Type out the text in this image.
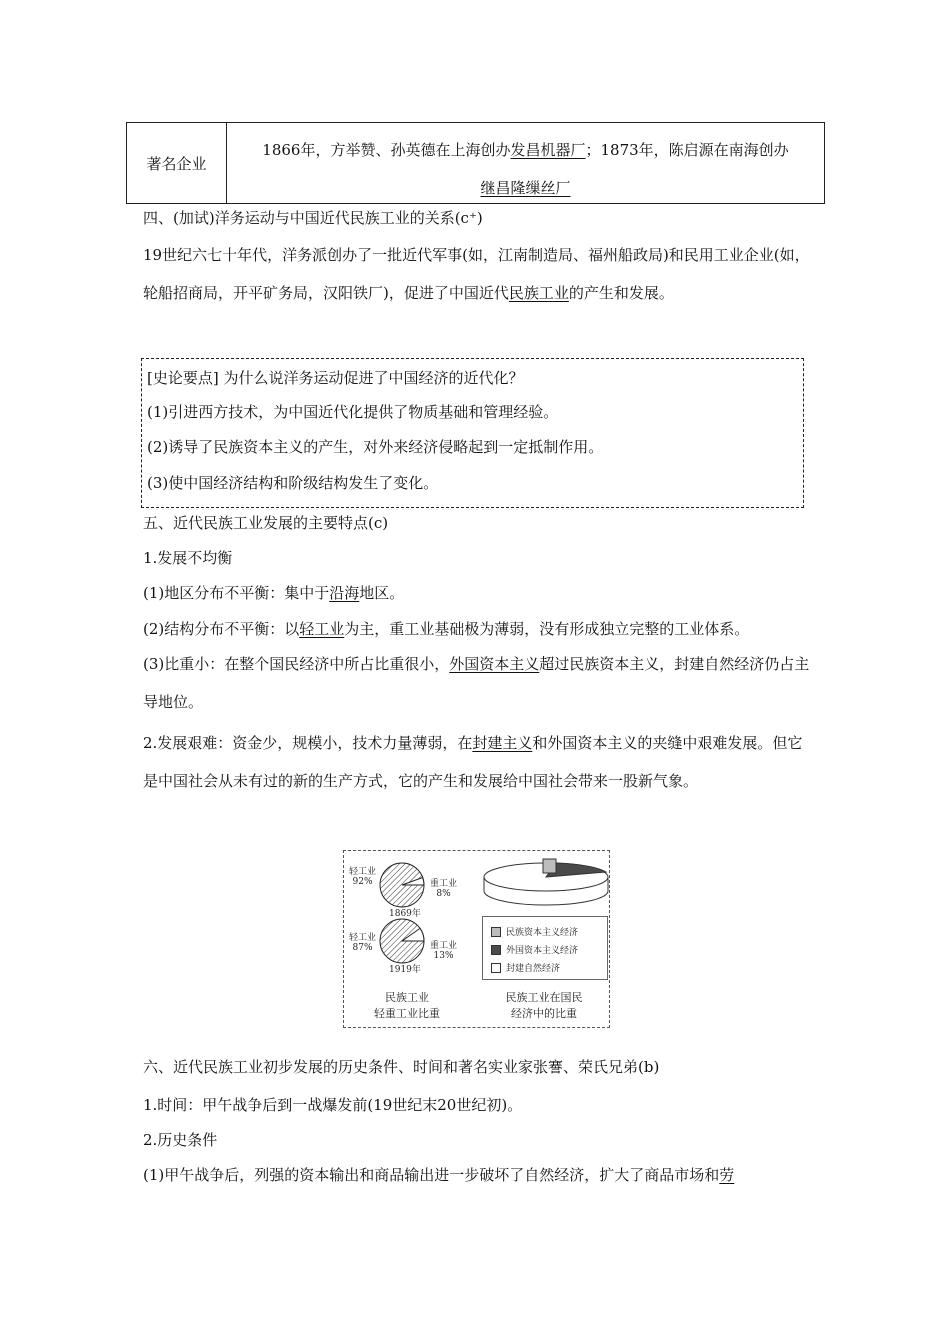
著名企业
1866年，方举赞、孙英德在上海创办发昌机器厂；1873年，陈启源在南海创办
继昌隆缫丝厂
四、(加试)洋务运动与中国近代民族工业的关系(c⁺)
19世纪六七十年代，洋务派创办了一批近代军事(如，江南制造局、福州船政局)和民用工业企业(如，轮船招商局，开平矿务局，汉阳铁厂)，促进了中国近代民族工业的产生和发展。
[史论要点] 为什么说洋务运动促进了中国经济的近代化？
(1)引进西方技术，为中国近代化提供了物质基础和管理经验。
(2)诱导了民族资本主义的产生，对外来经济侵略起到一定抵制作用。
(3)使中国经济结构和阶级结构发生了变化。
五、近代民族工业发展的主要特点(c)
1.发展不均衡
(1)地区分布不平衡：集中于沿海地区。
(2)结构分布不平衡：以轻工业为主，重工业基础极为薄弱，没有形成独立完整的工业体系。
(3)比重小：在整个国民经济中所占比重很小，外国资本主义超过民族资本主义，封建自然经济仍占主导地位。
2.发展艰难：资金少，规模小，技术力量薄弱，在封建主义和外国资本主义的夹缝中艰难发展。但它是中国社会从未有过的新的生产方式，它的产生和发展给中国社会带来一股新气象。
轻工业
92%	重工业
8%
1869年
轻工业
87%	重工业
13%
1919年
民族资本主义经济
外国资本主义经济
封建自然经济
民族工业
轻重工业比重
民族工业在国民
经济中的比重
六、近代民族工业初步发展的历史条件、时间和著名实业家张謇、荣氏兄弟(b)
1.时间：甲午战争后到一战爆发前(19世纪末20世纪初)。
2.历史条件
(1)甲午战争后，列强的资本输出和商品输出进一步破坏了自然经济，扩大了商品市场和劳
